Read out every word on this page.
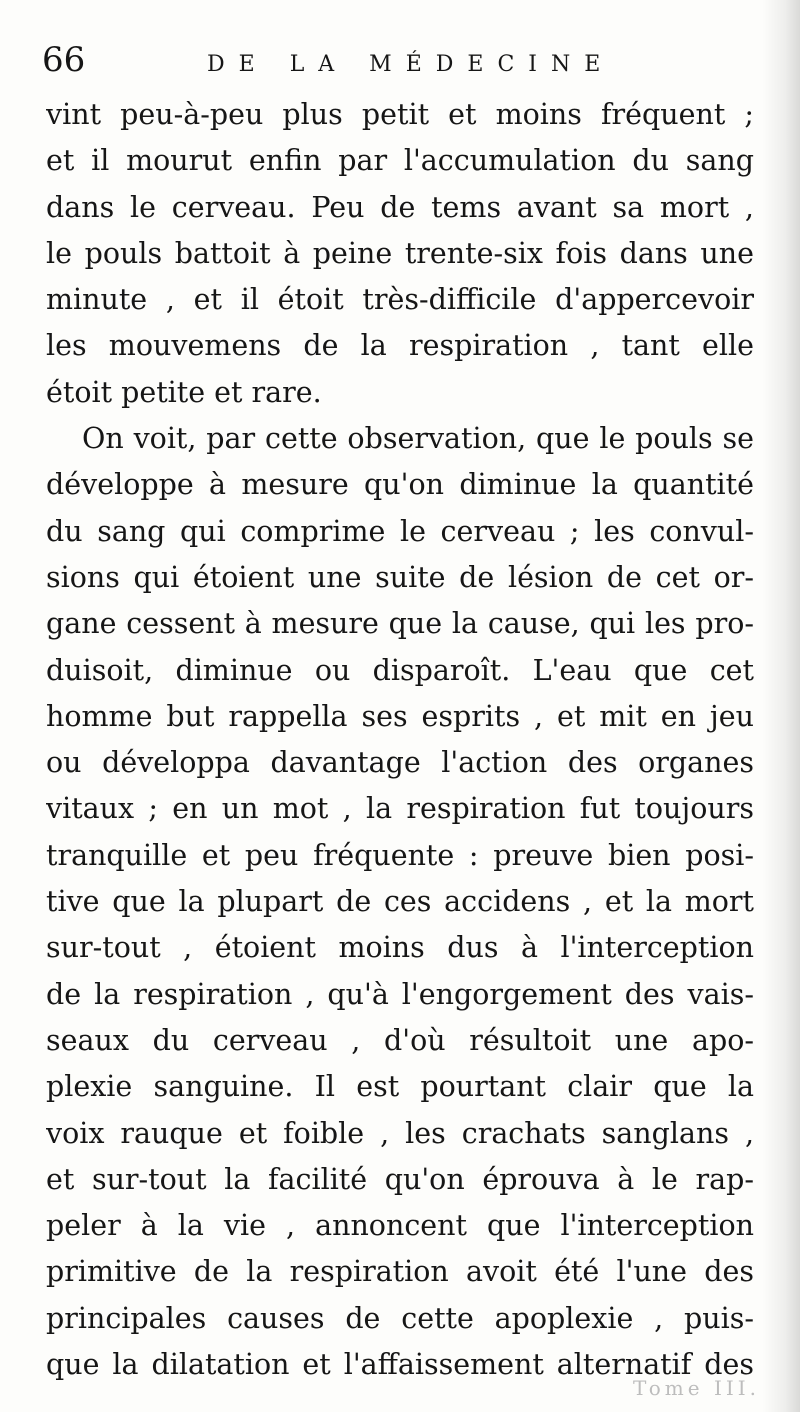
66	DE LA MÉDECINE
vint peu-à-peu plus petit et moins fréquent ;
et il mourut enfin par l'accumulation du sang
dans le cerveau. Peu de tems avant sa mort ,
le pouls battoit à peine trente-six fois dans une
minute , et il étoit très-difficile d'appercevoir
les mouvemens de la respiration , tant elle
étoit petite et rare.
On voit, par cette observation, que le pouls se
développe à mesure qu'on diminue la quantité
du sang qui comprime le cerveau ; les convul-
sions qui étoient une suite de lésion de cet or-
gane cessent à mesure que la cause, qui les pro-
duisoit, diminue ou disparoît. L'eau que cet
homme but rappella ses esprits , et mit en jeu
ou développa davantage l'action des organes
vitaux ; en un mot , la respiration fut toujours
tranquille et peu fréquente : preuve bien posi-
tive que la plupart de ces accidens , et la mort
sur-tout , étoient moins dus à l'interception
de la respiration , qu'à l'engorgement des vais-
seaux du cerveau , d'où résultoit une apo-
plexie sanguine. Il est pourtant clair que la
voix rauque et foible , les crachats sanglans ,
et sur-tout la facilité qu'on éprouva à le rap-
peler à la vie , annoncent que l'interception
primitive de la respiration avoit été l'une des
principales causes de cette apoplexie , puis-
que la dilatation et l'affaissement alternatif des
Tome III.
